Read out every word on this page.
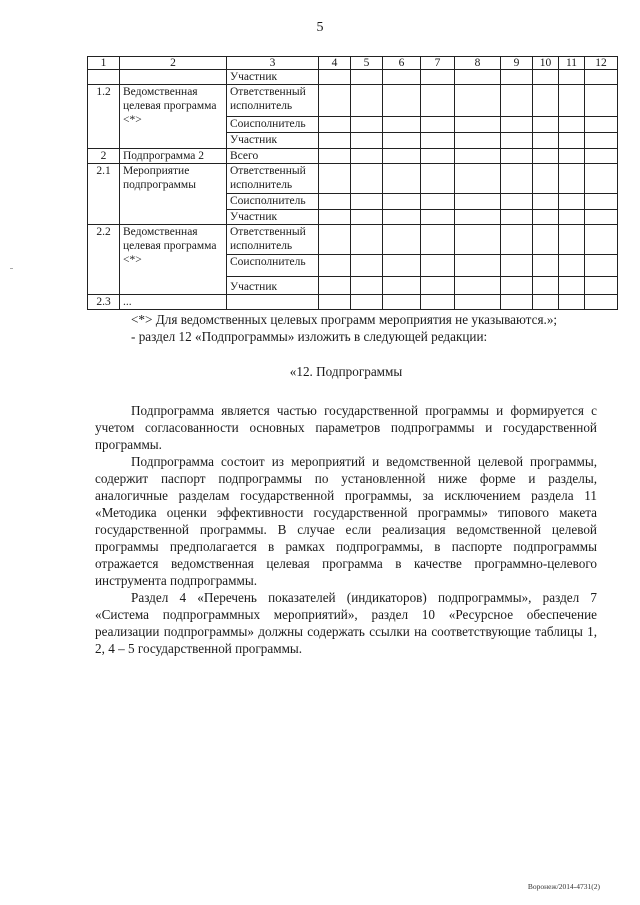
5
1	2	3	4	5	6	7	8	9	10	11	12
		Участник									
1.2	Ведомственная целевая программа <*>	Ответственный исполнитель									
		Соисполнитель									
		Участник									
2	Подпрограмма 2	Всего									
2.1	Мероприятие подпрограммы	Ответственный исполнитель									
		Соисполнитель									
		Участник									
2.2	Ведомственная целевая программа <*>	Ответственный исполнитель									
		Соисполнитель									
		Участник									
2.3	...										

<*> Для ведомственных целевых программ мероприятия не указываются.»;

- раздел 12 «Подпрограммы» изложить в следующей редакции:

«12. Подпрограммы

Подпрограмма является частью государственной программы и формируется с учетом согласованности основных параметров подпрограммы и государственной программы.

Подпрограмма состоит из мероприятий и ведомственной целевой программы, содержит паспорт подпрограммы по установленной ниже форме и разделы, аналогичные разделам государственной программы, за исключением раздела 11 «Методика оценки эффективности государственной программы» типового макета государственной программы. В случае если реализация ведомственной целевой программы предполагается в рамках подпрограммы, в паспорте подпрограммы отражается ведомственная целевая программа в качестве программно-целевого инструмента подпрограммы.

Раздел 4 «Перечень показателей (индикаторов) подпрограммы», раздел 7 «Система подпрограммных мероприятий», раздел 10 «Ресурсное обеспечение реализации подпрограммы» должны содержать ссылки на соответствующие таблицы 1, 2, 4 – 5 государственной программы.

Воронеж/2014-4731(2)
